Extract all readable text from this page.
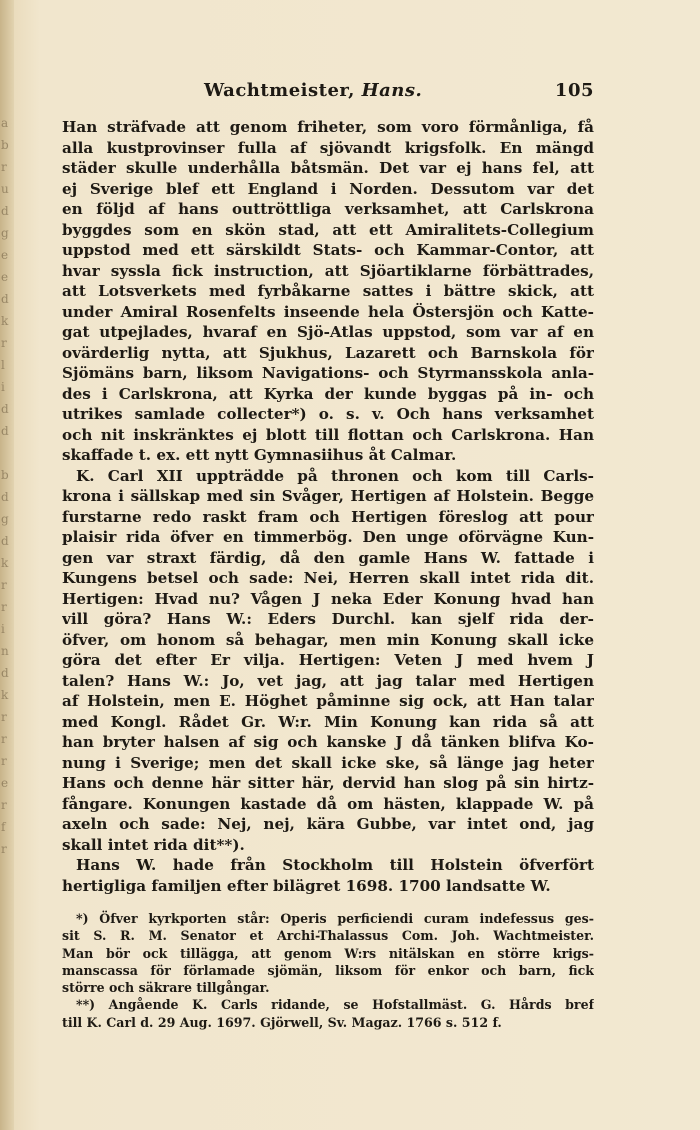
a
b
r
u
d
g
e
e
d
k
r
l
i
d
d

b
d
g
d
k
r
r
i
n
d
k
r
r
r
e
r
f
r
Wachtmeister, Hans.	105
Han sträfvade att genom friheter, som voro förmånliga, få
alla kustprovinser fulla af sjövandt krigsfolk. En mängd
städer skulle underhålla båtsmän. Det var ej hans fel, att
ej Sverige blef ett England i Norden. Dessutom var det
en följd af hans outtröttliga verksamhet, att Carlskrona
byggdes som en skön stad, att ett Amiralitets-Collegium
uppstod med ett särskildt Stats- och Kammar-Contor, att
hvar syssla fick instruction, att Sjöartiklarne förbättrades,
att Lotsverkets med fyrbåkarne sattes i bättre skick, att
under Amiral Rosenfelts inseende hela Östersjön och Katte-
gat utpejlades, hvaraf en Sjö-Atlas uppstod, som var af en
ovärderlig nytta, att Sjukhus, Lazarett och Barnskola för
Sjömäns barn, liksom Navigations- och Styrmansskola anla-
des i Carlskrona, att Kyrka der kunde byggas på in- och
utrikes samlade collecter*) o. s. v. Och hans verksamhet
och nit inskränktes ej blott till flottan och Carlskrona. Han
skaffade t. ex. ett nytt Gymnasiihus åt Calmar.
K. Carl XII uppträdde på thronen och kom till Carls-
krona i sällskap med sin Svåger, Hertigen af Holstein. Begge
furstarne redo raskt fram och Hertigen föreslog att pour
plaisir rida öfver en timmerbög. Den unge oförvägne Kun-
gen var straxt färdig, då den gamle Hans W. fattade i
Kungens betsel och sade: Nei, Herren skall intet rida dit.
Hertigen: Hvad nu? Vågen J neka Eder Konung hvad han
vill göra? Hans W.: Eders Durchl. kan sjelf rida der-
öfver, om honom så behagar, men min Konung skall icke
göra det efter Er vilja. Hertigen: Veten J med hvem J
talen? Hans W.: Jo, vet jag, att jag talar med Hertigen
af Holstein, men E. Höghet påminne sig ock, att Han talar
med Kongl. Rådet Gr. W:r. Min Konung kan rida så att
han bryter halsen af sig och kanske J då tänken blifva Ko-
nung i Sverige; men det skall icke ske, så länge jag heter
Hans och denne här sitter här, dervid han slog på sin hirtz-
fångare. Konungen kastade då om hästen, klappade W. på
axeln och sade: Nej, nej, kära Gubbe, var intet ond, jag
skall intet rida dit**).
Hans W. hade från Stockholm till Holstein öfverfört
hertigliga familjen efter bilägret 1698. 1700 landsatte W.
*) Öfver kyrkporten står: Operis perficiendi curam indefessus ges-
sit S. R. M. Senator et Archi-Thalassus Com. Joh. Wachtmeister.
Man bör ock tillägga, att genom W:rs nitälskan en större krigs-
manscassa för förlamade sjömän, liksom för enkor och barn, fick
större och säkrare tillgångar.
**) Angående K. Carls ridande, se Hofstallmäst. G. Hårds bref
till K. Carl d. 29 Aug. 1697. Gjörwell, Sv. Magaz. 1766 s. 512 f.
